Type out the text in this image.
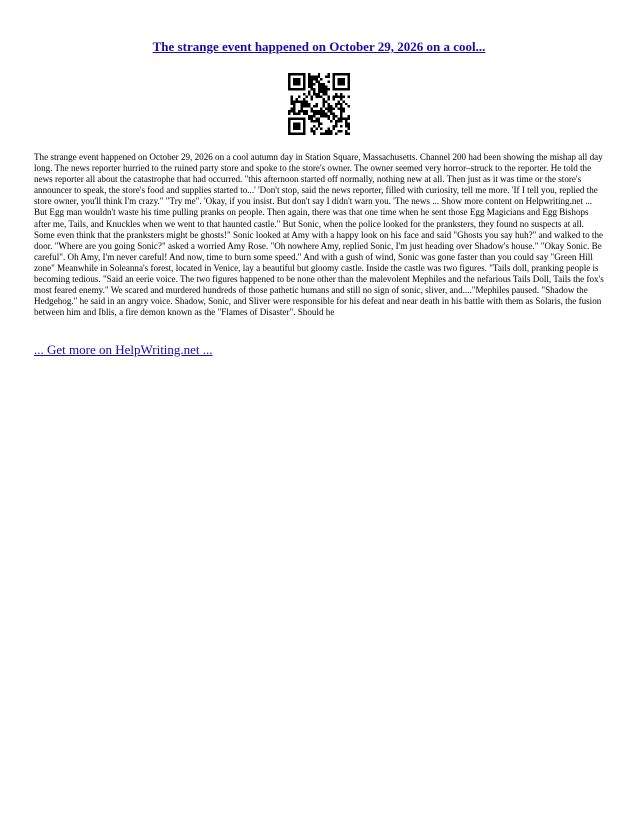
The strange event happened on October 29, 2026 on a cool...

The strange event happened on October 29, 2026 on a cool autumn day in Station Square, Massachusetts. Channel 200 had been showing the mishap all day long. The news reporter hurried to the ruined party store and spoke to the store's owner. The owner seemed very horror–struck to the reporter. He told the news reporter all about the catastrophe that had occurred. "this afternoon started off normally, nothing new at all. Then just as it was time or the store's announcer to speak, the store's food and supplies started to...' 'Don't stop, said the news reporter, filled with curiosity, tell me more. 'If I tell you, replied the store owner, you'll think I'm crazy." "Try me". 'Okay, if you insist. But don't say I didn't warn you. 'The news ... Show more content on Helpwriting.net ...

But Egg man wouldn't waste his time pulling pranks on people. Then again, there was that one time when he sent those Egg Magicians and Egg Bishops after me, Tails, and Knuckles when we went to that haunted castle." But Sonic, when the police looked for the pranksters, they found no suspects at all. Some even think that the pranksters might be ghosts!" Sonic looked at Amy with a happy look on his face and said "Ghosts you say huh?" and walked to the door. "Where are you going Sonic?" asked a worried Amy Rose. "Oh nowhere Amy, replied Sonic, I'm just heading over Shadow's house." "Okay Sonic. Be careful". Oh Amy, I'm never careful! And now, time to burn some speed." And with a gush of wind, Sonic was gone faster than you could say "Green Hill zone" Meanwhile in Soleanna's forest, located in Venice, lay a beautiful but gloomy castle. Inside the castle was two figures. "Tails doll, pranking people is becoming tedious. "Said an eerie voice. The two figures happened to be none other than the malevolent Mephiles and the nefarious Tails Doll, Tails the fox's most feared enemy." We scared and murdered hundreds of those pathetic humans and still no sign of sonic, sliver, and...."Mephiles paused. "Shadow the Hedgehog." he said in an angry voice. Shadow, Sonic, and Sliver were responsible for his defeat and near death in his battle with them as Solaris, the fusion between him and Iblis, a fire demon known as the "Flames of Disaster". Should he

... Get more on HelpWriting.net ...
